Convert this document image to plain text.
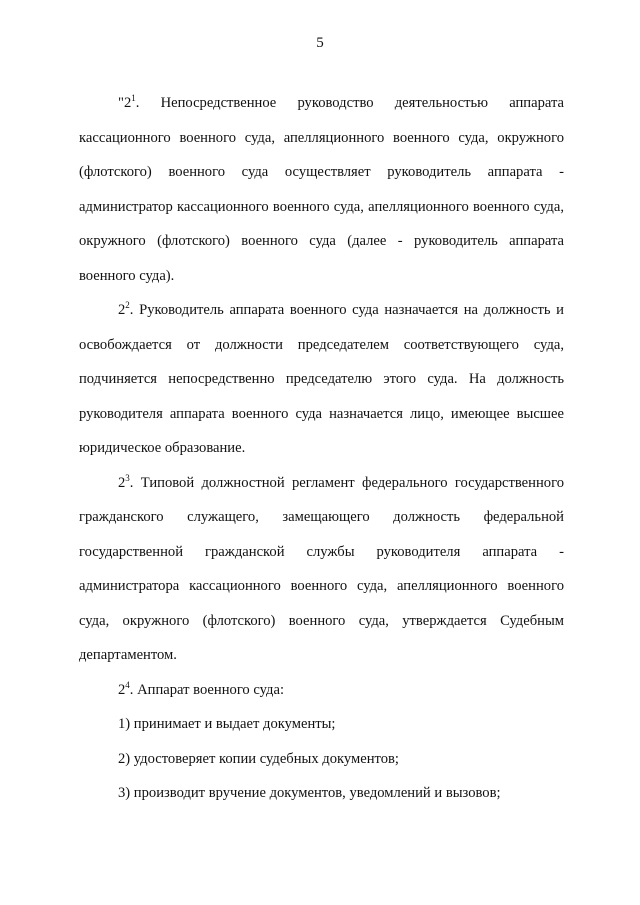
5

"$2^1$. Непосредственное руководство деятельностью аппарата кассационного военного суда, апелляционного военного суда, окружного (флотского) военного суда осуществляет руководитель аппарата - администратор кассационного военного суда, апелляционного военного суда, окружного (флотского) военного суда (далее - руководитель аппарата военного суда).

$2^2$. Руководитель аппарата военного суда назначается на должность и освобождается от должности председателем соответствующего суда, подчиняется непосредственно председателю этого суда. На должность руководителя аппарата военного суда назначается лицо, имеющее высшее юридическое образование.

$2^3$. Типовой должностной регламент федерального государственного гражданского служащего, замещающего должность федеральной государственной гражданской службы руководителя аппарата - администратора кассационного военного суда, апелляционного военного суда, окружного (флотского) военного суда, утверждается Судебным департаментом.

$2^4$. Аппарат военного суда:

1) принимает и выдает документы;

2) удостоверяет копии судебных документов;

3) производит вручение документов, уведомлений и вызовов;
